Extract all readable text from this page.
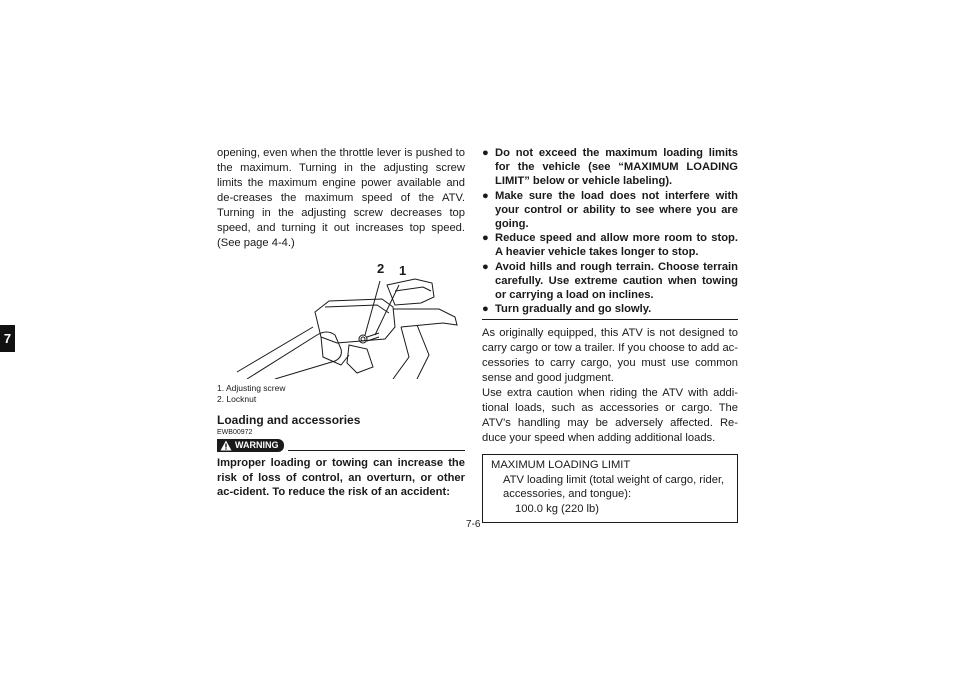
7

opening, even when the throttle lever is pushed to the maximum. Turning in the adjusting screw limits the maximum engine power available and de-creases the maximum speed of the ATV. Turning in the adjusting screw decreases top speed, and turning it out increases top speed. (See page 4-4.)

2 1
1. Adjusting screw
2. Locknut
Loading and accessories
EWB00972
WARNING

Improper loading or towing can increase the risk of loss of control, an overturn, or other ac-cident. To reduce the risk of an accident:

● Do not exceed the maximum loading limits for the vehicle (see “MAXIMUM LOADING LIMIT” below or vehicle labeling).
● Make sure the load does not interfere with your control or ability to see where you are going.
● Reduce speed and allow more room to stop. A heavier vehicle takes longer to stop.
● Avoid hills and rough terrain. Choose terrain carefully. Use extreme caution when towing or carrying a load on inclines.
● Turn gradually and go slowly.

As originally equipped, this ATV is not designed to carry cargo or tow a trailer. If you choose to add ac-cessories to carry cargo, you must use common sense and good judgment.

Use extra caution when riding the ATV with addi-tional loads, such as accessories or cargo. The ATV’s handling may be adversely affected. Re-duce your speed when adding additional loads.

MAXIMUM LOADING LIMIT
ATV loading limit (total weight of cargo, rider, accessories, and tongue):
100.0 kg (220 lb)
7-6
